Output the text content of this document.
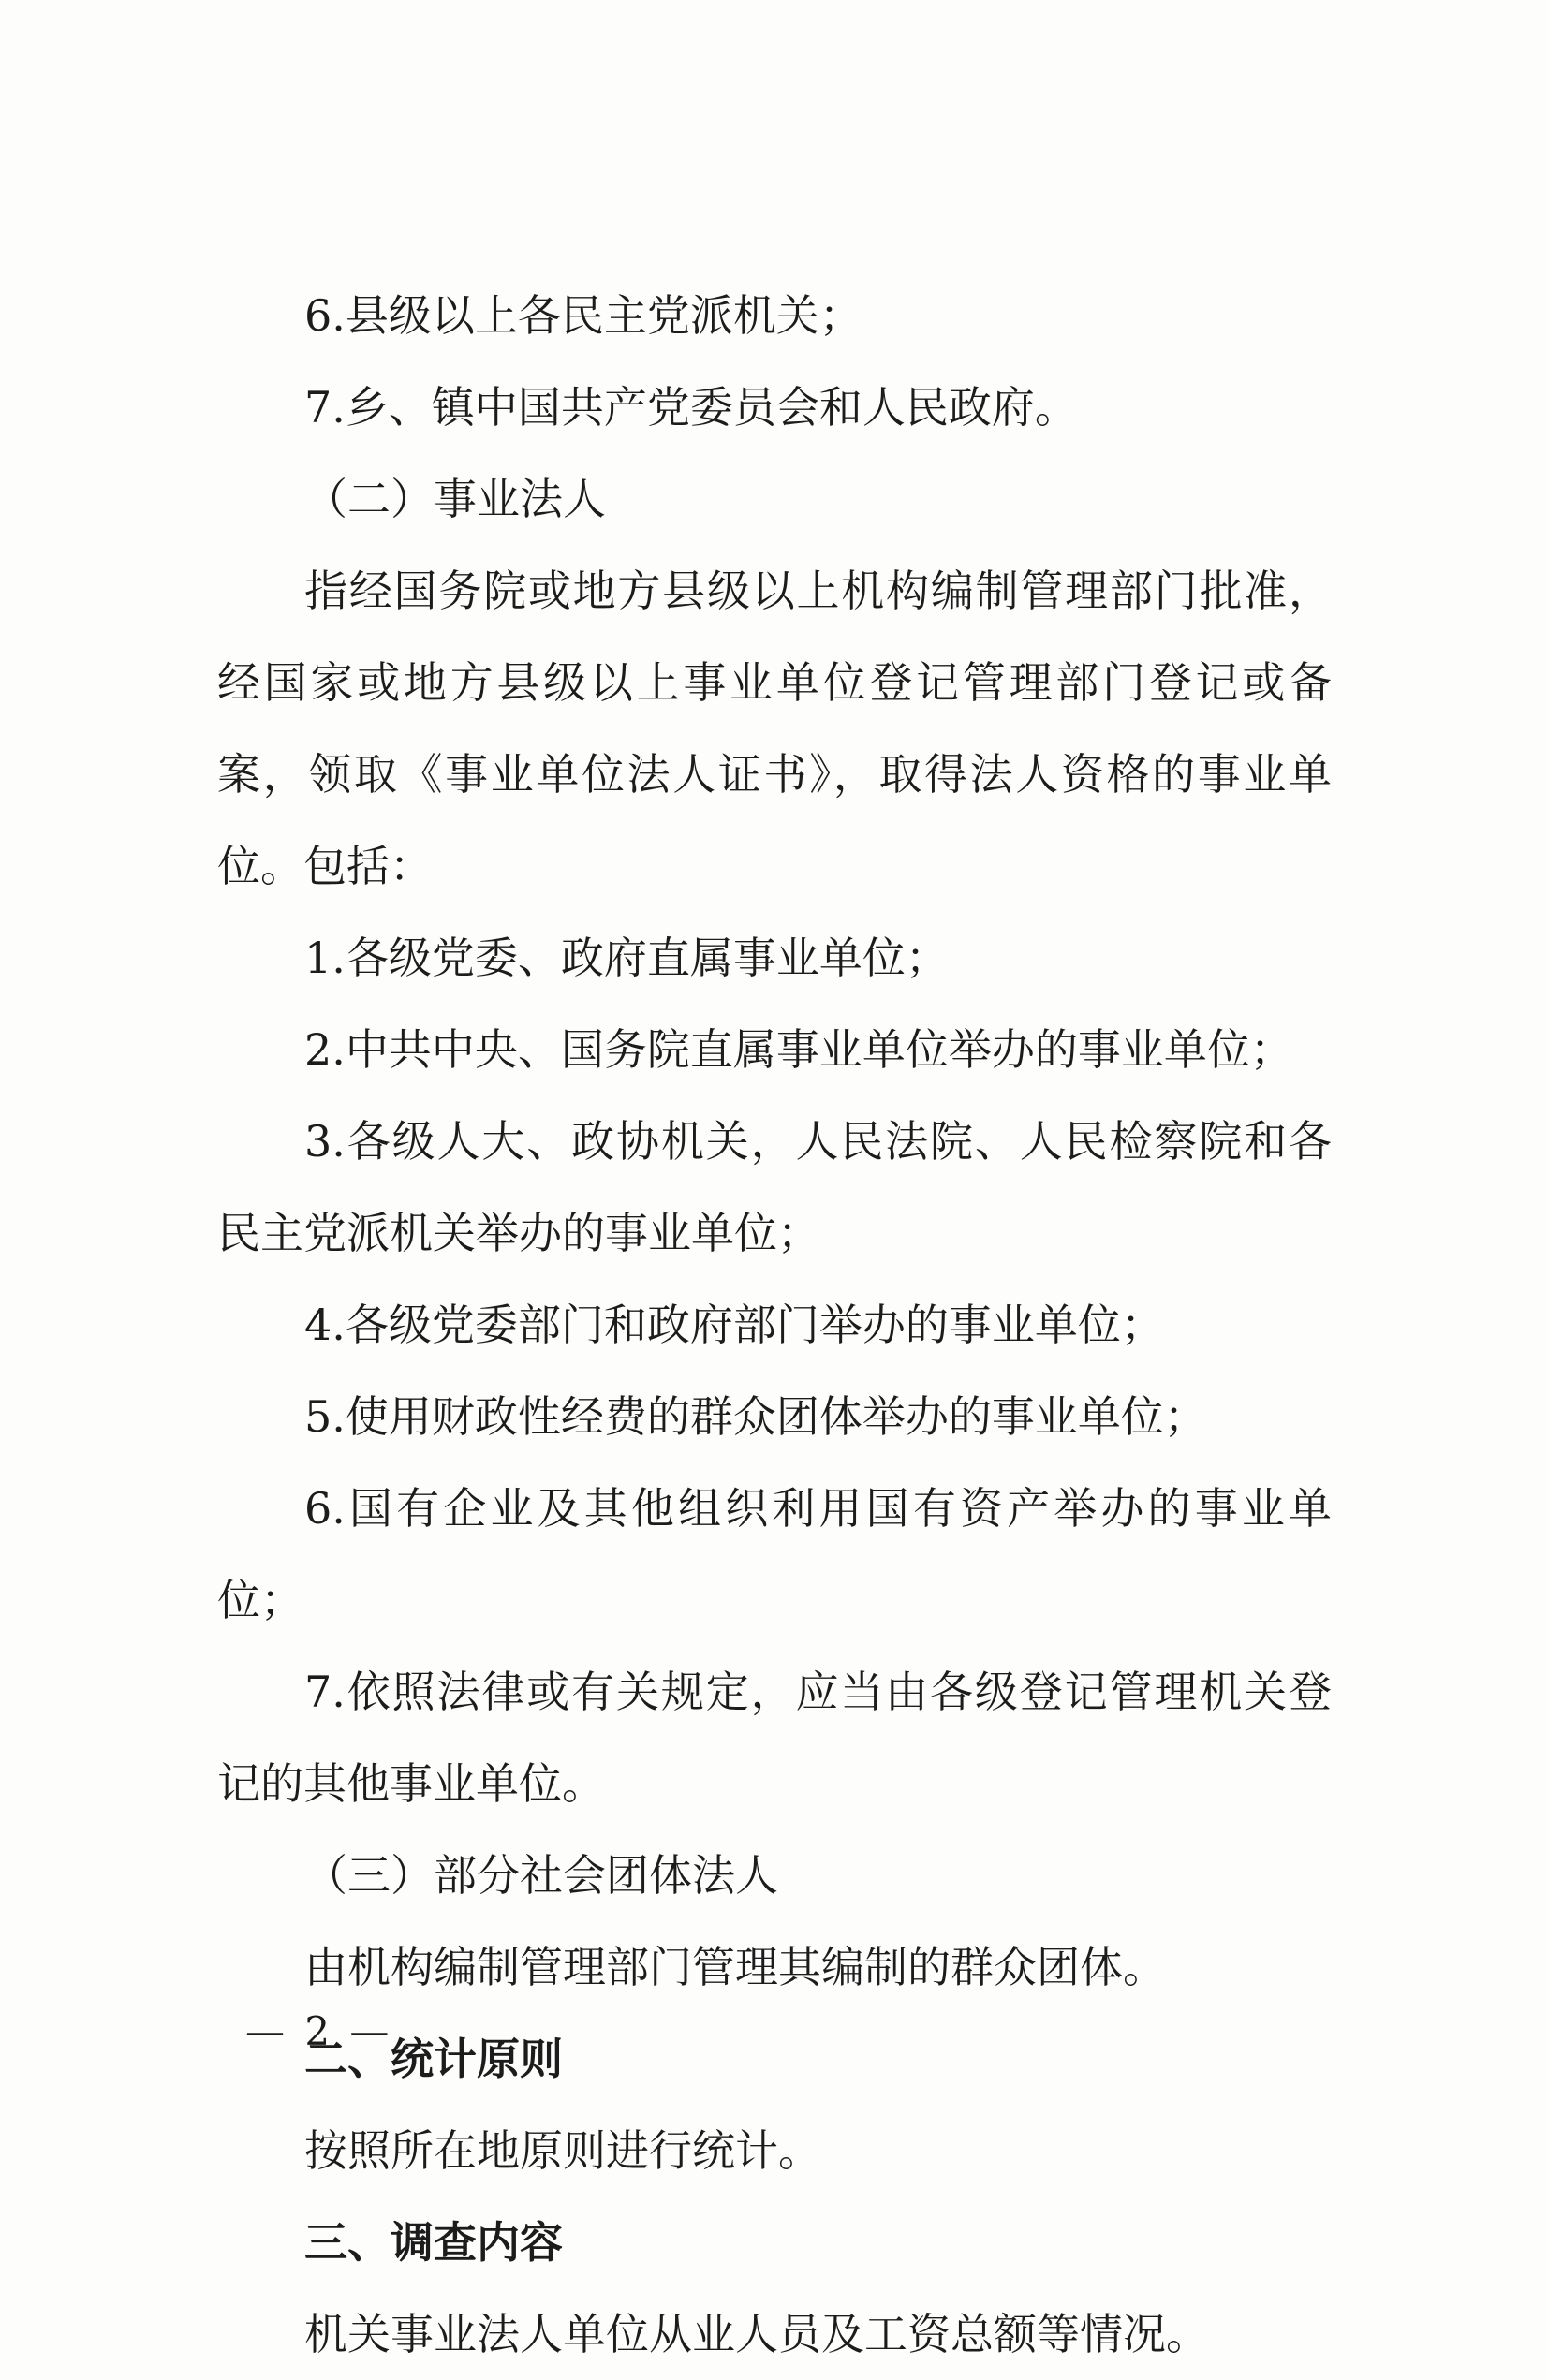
6.县级以上各民主党派机关；

7.乡、镇中国共产党委员会和人民政府。

（二）事业法人

指经国务院或地方县级以上机构编制管理部门批准，经国家或地方县级以上事业单位登记管理部门登记或备案，领取《事业单位法人证书》，取得法人资格的事业单位。包括：

1.各级党委、政府直属事业单位；

2.中共中央、国务院直属事业单位举办的事业单位；

3.各级人大、政协机关，人民法院、人民检察院和各民主党派机关举办的事业单位；

4.各级党委部门和政府部门举办的事业单位；

5.使用财政性经费的群众团体举办的事业单位；

6.国有企业及其他组织利用国有资产举办的事业单位；

7.依照法律或有关规定，应当由各级登记管理机关登记的其他事业单位。

（三）部分社会团体法人

由机构编制管理部门管理其编制的群众团体。

二、统计原则

按照所在地原则进行统计。

三、调查内容

机关事业法人单位从业人员及工资总额等情况。

— 2 —
